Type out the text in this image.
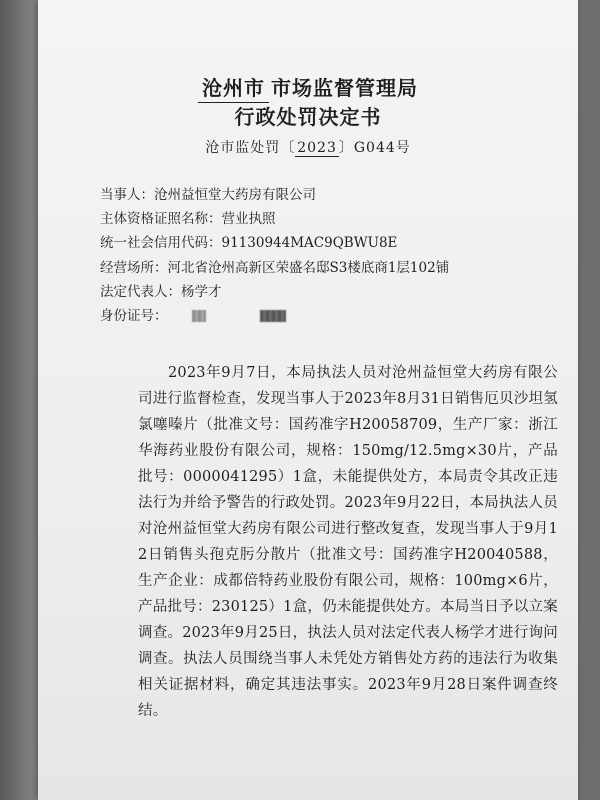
沧州市 市场监督管理局
行政处罚决定书
沧市监处罚〔 2023 〕G044号
当事人：沧州益恒堂大药房有限公司
主体资格证照名称：营业执照
统一社会信用代码：91130944MAC9QBWU8E
经营场所：河北省沧州高新区荣盛名邸S3楼底商1层102铺
法定代表人：杨学才
身份证号：
2023年9月7日，本局执法人员对沧州益恒堂大药房有限公司进行监督检查，发现当事人于2023年8月31日销售厄贝沙坦氢氯噻嗪片（批准文号：国药准字H20058709，生产厂家：浙江华海药业股份有限公司，规格：150mg/12.5mg×30片，产品批号：0000041295）1盒，未能提供处方，本局责令其改正违法行为并给予警告的行政处罚。2023年9月22日，本局执法人员对沧州益恒堂大药房有限公司进行整改复查，发现当事人于9月12日销售头孢克肟分散片（批准文号：国药准字H20040588，生产企业：成都倍特药业股份有限公司，规格：100mg×6片，产品批号：230125）1盒，仍未能提供处方。本局当日予以立案调查。2023年9月25日，执法人员对法定代表人杨学才进行询问调查。执法人员围绕当事人未凭处方销售处方药的违法行为收集相关证据材料，确定其违法事实。2023年9月28日案件调查终结。
